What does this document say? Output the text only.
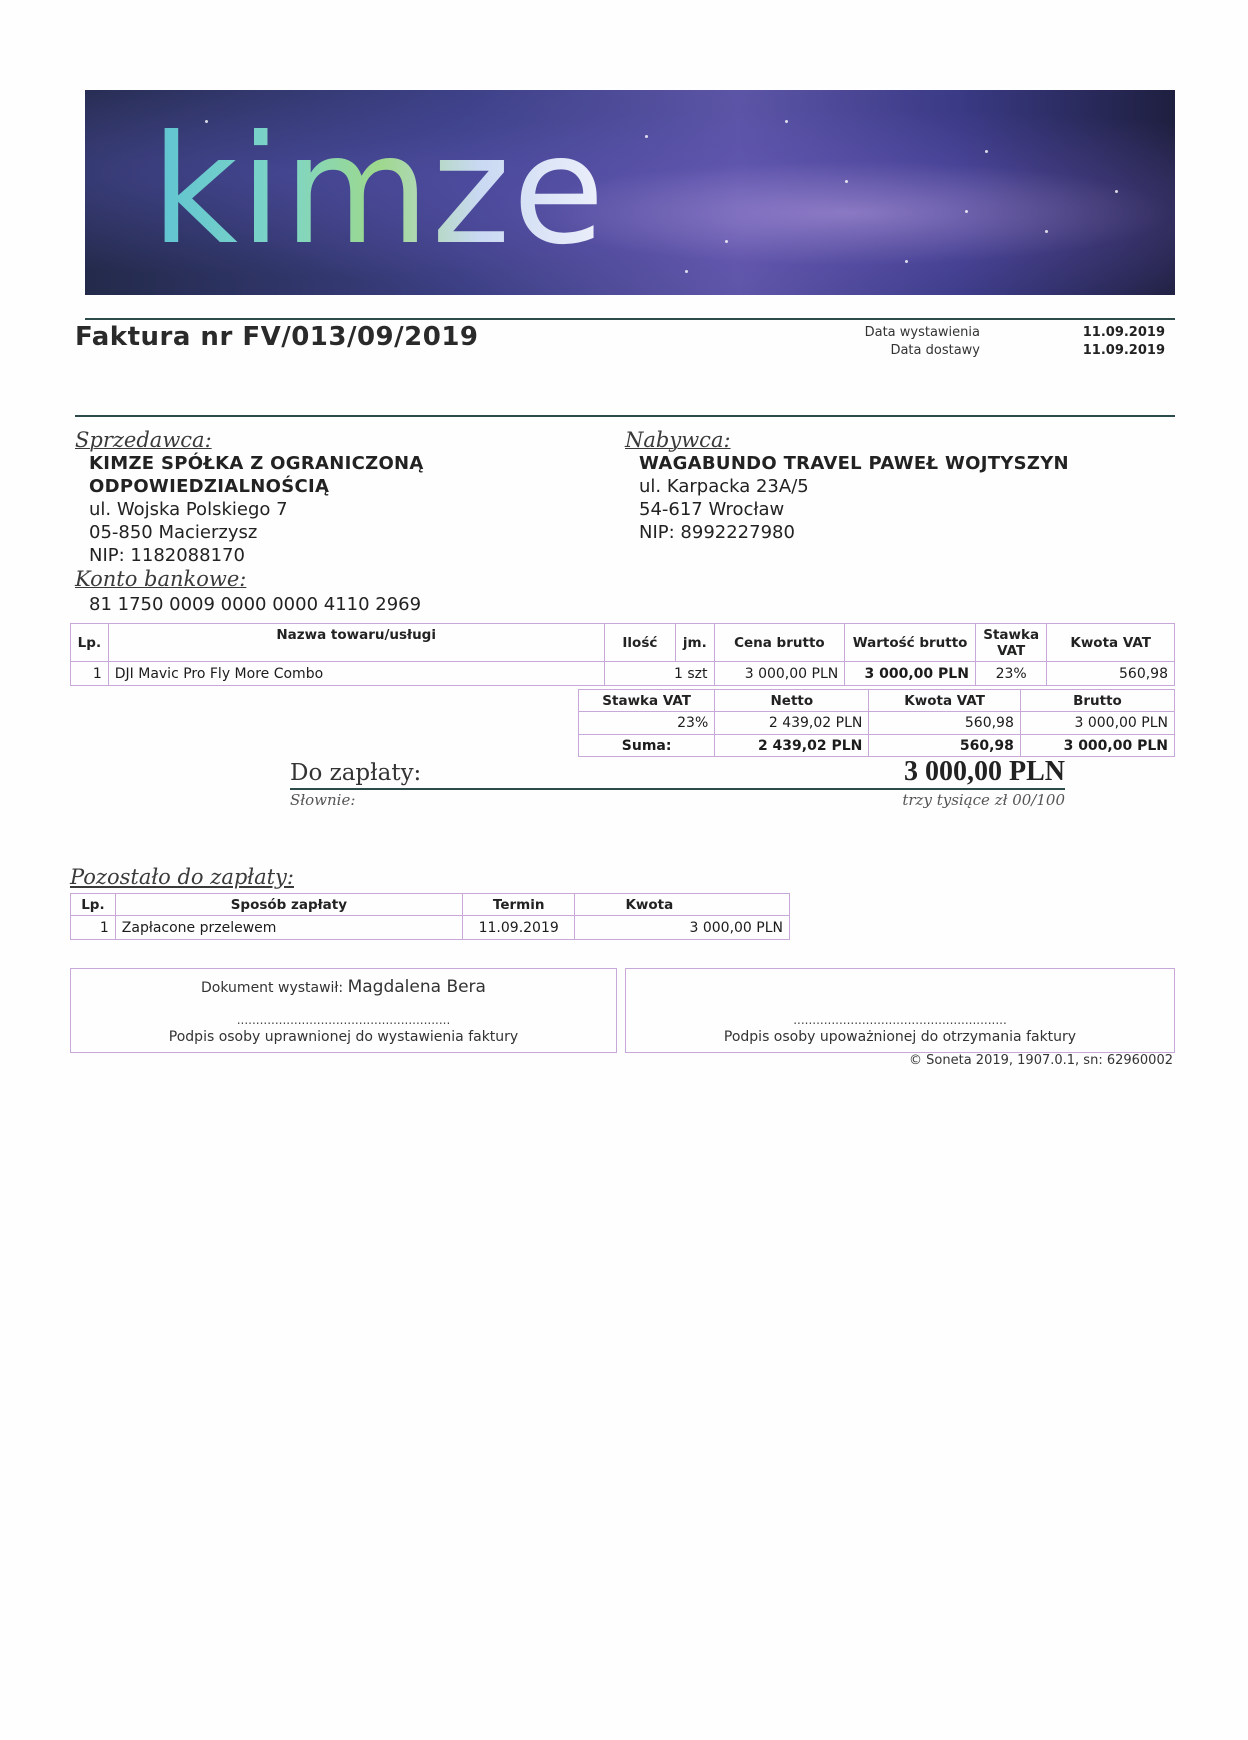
kimze
Faktura nr FV/013/09/2019	Data wystawienia	11.09.2019
Data dostawy	11.09.2019
Sprzedawca:
KIMZE SPÓŁKA Z OGRANICZONĄ
ODPOWIEDZIALNOŚCIĄ
ul. Wojska Polskiego 7
05-850 Macierzysz
NIP: 1182088170
Konto bankowe:
81 1750 0009 0000 0000 4110 2969
Nabywca:
WAGABUNDO TRAVEL PAWEŁ WOJTYSZYN
ul. Karpacka 23A/5
54-617 Wrocław
NIP: 8992227980
Lp.	Nazwa towaru/usługi	Ilość	jm.	Cena brutto	Wartość brutto	Stawka
VAT	Kwota VAT
1	DJI Mavic Pro Fly More Combo	1 szt		3 000,00 PLN	3 000,00 PLN	23%	560,98
Stawka VAT	Netto	Kwota VAT	Brutto
23%	2 439,02 PLN	560,98	3 000,00 PLN
Suma:	2 439,02 PLN	560,98	3 000,00 PLN
Do zapłaty:	3 000,00 PLN
Słownie:	trzy tysiące zł 00/100
Pozostało do zapłaty:
Lp.	Sposób zapłaty	Termin	Kwota
1	Zapłacone przelewem	11.09.2019	3 000,00 PLN
Dokument wystawił: Magdalena Bera
........................................................
Podpis osoby uprawnionej do wystawienia faktury
........................................................
Podpis osoby upoważnionej do otrzymania faktury
© Soneta 2019, 1907.0.1, sn: 62960002
